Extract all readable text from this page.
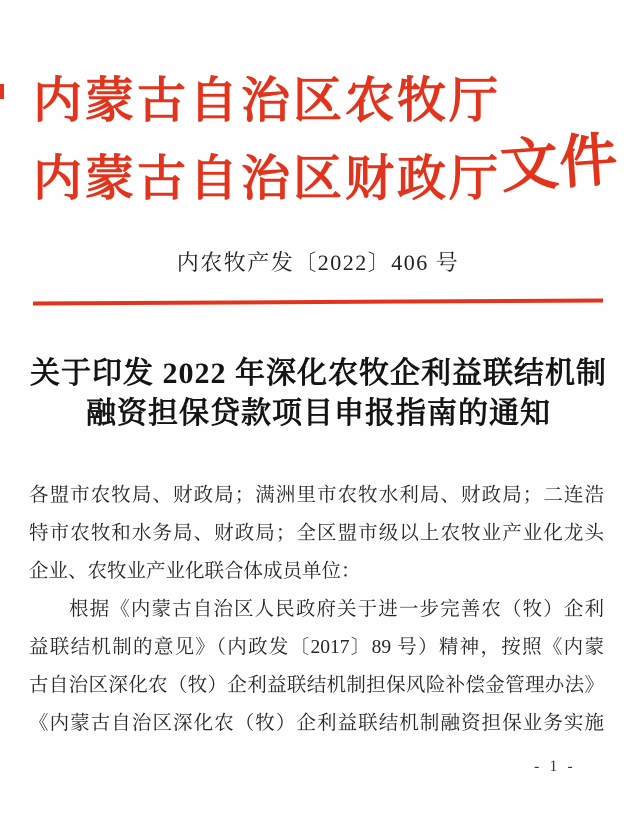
内蒙古自治区农牧厅
内蒙古自治区财政厅
文件
内农牧产发〔2022〕406 号
关于印发 2022 年深化农牧企利益联结机制
融资担保贷款项目申报指南的通知
各盟市农牧局、财政局；满洲里市农牧水利局、财政局；二连浩
特市农牧和水务局、财政局；全区盟市级以上农牧业产业化龙头
企业、农牧业产业化联合体成员单位：
根据《内蒙古自治区人民政府关于进一步完善农（牧）企利
益联结机制的意见》（内政发〔2017〕89 号）精神，按照《内蒙
古自治区深化农（牧）企利益联结机制担保风险补偿金管理办法》
《内蒙古自治区深化农（牧）企利益联结机制融资担保业务实施
- 1 -
